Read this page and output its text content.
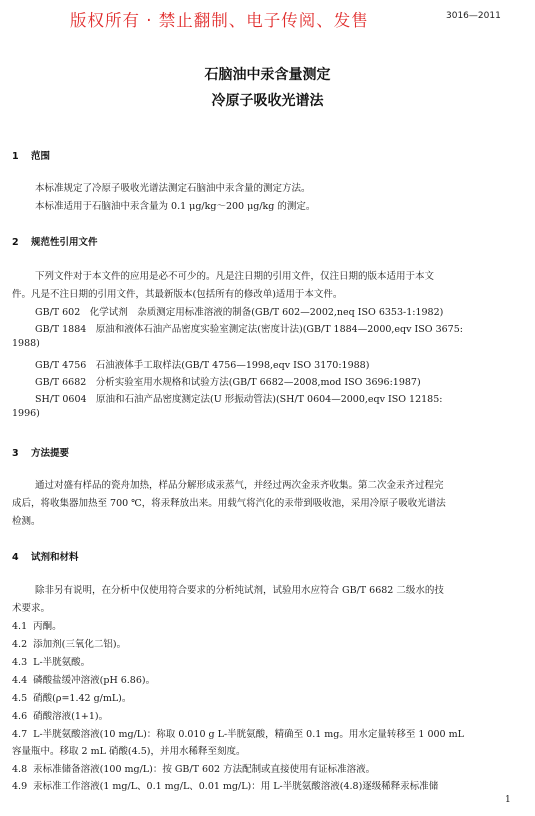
版权所有 · 禁止翻制、电子传阅、发售	3016—2011
石脑油中汞含量测定
冷原子吸收光谱法
1 范围
本标准规定了冷原子吸收光谱法测定石脑油中汞含量的测定方法。
本标准适用于石脑油中汞含量为 0.1 μg/kg～200 μg/kg 的测定。
2 规范性引用文件
下列文件对于本文件的应用是必不可少的。凡是注日期的引用文件，仅注日期的版本适用于本文
件。凡是不注日期的引用文件，其最新版本(包括所有的修改单)适用于本文件。
GB/T 602　化学试剂　杂质测定用标准溶液的制备(GB/T 602—2002,neq ISO 6353-1:1982)
GB/T 1884　原油和液体石油产品密度实验室测定法(密度计法)(GB/T 1884—2000,eqv ISO 3675:
1988)
GB/T 4756　石油液体手工取样法(GB/T 4756—1998,eqv ISO 3170:1988)
GB/T 6682　分析实验室用水规格和试验方法(GB/T 6682—2008,mod ISO 3696:1987)
SH/T 0604　原油和石油产品密度测定法(U 形振动管法)(SH/T 0604—2000,eqv ISO 12185:
1996)
3 方法提要
通过对盛有样品的瓷舟加热，样品分解形成汞蒸气，并经过两次金汞齐收集。第二次金汞齐过程完
成后，将收集器加热至 700 ℃，将汞释放出来。用载气将汽化的汞带到吸收池，采用冷原子吸收光谱法
检测。
4 试剂和材料
除非另有说明，在分析中仅使用符合要求的分析纯试剂，试验用水应符合 GB/T 6682 二级水的技
术要求。
4.1 丙酮。
4.2 添加剂(三氧化二铝)。
4.3 L-半胱氨酸。
4.4 磷酸盐缓冲溶液(pH 6.86)。
4.5 硝酸(ρ=1.42 g/mL)。
4.6 硝酸溶液(1+1)。
4.7 L-半胱氨酸溶液(10 mg/L)：称取 0.010 g L-半胱氨酸，精确至 0.1 mg。用水定量转移至 1 000 mL
容量瓶中。移取 2 mL 硝酸(4.5)，并用水稀释至刻度。
4.8 汞标准储备溶液(100 mg/L)：按 GB/T 602 方法配制或直接使用有证标准溶液。
4.9 汞标准工作溶液(1 mg/L、0.1 mg/L、0.01 mg/L)：用 L-半胱氨酸溶液(4.8)逐级稀释汞标准储
1
